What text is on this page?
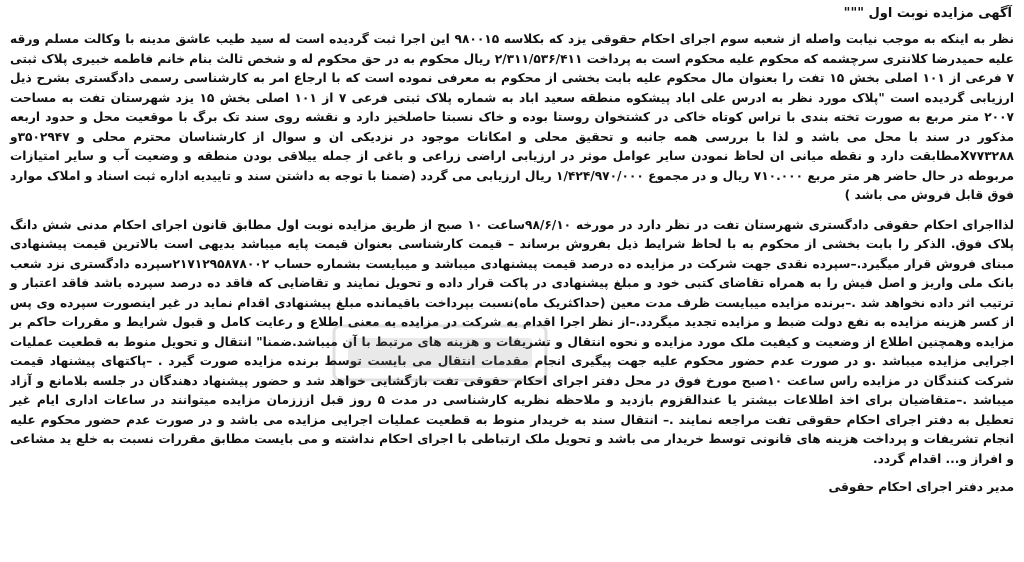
آگهی مزایده نوبت اول """

نظر به اینکه به موجب نیابت واصله از شعبه سوم اجرای احکام حقوقی یزد که بکلاسه ۹۸۰۰۱۵ این اجرا ثبت گردیده است له سید طیب عاشق مدینه با وکالت مسلم ورقه علیه حمیدرضا کلانتری سرچشمه که محکوم علیه محکوم است به پرداخت ۲/۳۱۱/۵۳۶/۴۱۱ ریال محکوم به در حق محکوم له و شخص ثالث بنام خانم فاطمه خبیری پلاک ثبتی ۷ فرعی از ۱۰۱ اصلی بخش ۱۵ تفت را بعنوان مال محکوم علیه بابت بخشی از محکوم به معرفی نموده است که با ارجاع امر به کارشناسی رسمی دادگستری بشرح ذیل ارزیابی گردیده است "پلاک مورد نظر به ادرس علی اباد پیشکوه منطقه سعید اباد به شماره پلاک ثبتی فرعی ۷ از ۱۰۱ اصلی بخش ۱۵ یزد شهرستان تفت به مساحت ۲۰۰۷ متر مربع به صورت تخته بندی با تراس کوتاه خاکی در کشتخوان روستا بوده و خاک نسبتا حاصلخیز دارد و نقشه روی سند تک برگ با موقعیت محل و حدود اربعه مذکور در سند با محل می باشد و لذا با بررسی همه جانبه و تحقیق محلی و امکانات موجود در نزدیکی ان و سوال از کارشناسان محترم محلی و ۳۵۰۲۹۴۷و X۷۷۳۲۸۸مطابقت دارد و نقطه میانی ان لحاظ نمودن سایر عوامل موثر در ارزیابی اراضی زراعی و باغی از جمله ییلاقی بودن منطقه و وضعیت آب و سایر امتیازات مربوطه در حال حاضر هر متر مربع ۷۱۰.۰۰۰ ریال و در مجموع ۱/۴۲۴/۹۷۰/۰۰۰ ریال ارزیابی می گردد (ضمنا با توجه به داشتن سند و تاییدیه اداره ثبت اسناد و املاک موارد فوق قابل فروش می باشد )

لذااجرای احکام حقوقی دادگستری شهرستان تفت در نظر دارد در مورخه ۹۸/۶/۱۰ساعت ۱۰ صبح از طریق مزایده نوبت اول مطابق قانون اجرای احکام مدنی شش دانگ پلاک فوق. الذکر را بابت بخشی از محکوم به با لحاظ شرایط ذیل بفروش برساند – قیمت کارشناسی بعنوان قیمت پایه میباشد بدیهی است بالاترین قیمت پیشنهادی مبنای فروش قرار میگیرد.–سپرده نقدی جهت شرکت در مزایده ده درصد قیمت پیشنهادی میباشد و میبایست بشماره حساب ۲۱۷۱۲۹۵۸۷۸۰۰۲سپرده دادگستری نزد شعب بانک ملی واریز و اصل فیش را به همراه تقاضای کتبی خود و مبلغ پیشنهادی در پاکت قرار داده و تحویل نمایند و تقاضایی که فاقد ده درصد سپرده باشد فاقد اعتبار و ترتیب اثر داده نخواهد شد .–برنده مزایده میبایست ظرف مدت معین (حداکثریک ماه)نسبت بپرداخت باقیمانده مبلغ پیشنهادی اقدام نماید در غیر اینصورت سپرده وی پس از کسر هزینه مزایده به نفع دولت ضبط و مزایده تجدید میگردد.–از نظر اجرا اقدام به شرکت در مزایده به معنی اطلاع و رعایت کامل و قبول شرایط و مقررات حاکم بر مزایده وهمچنین اطلاع از وضعیت و کیفیت ملک مورد مزایده و نحوه انتقال و تشریفات و هزینه های مرتبط با آن میباشد.ضمنا" انتقال و تحویل منوط به قطعیت عملیات اجرایی مزایده میباشد .و در صورت عدم حضور محکوم علیه جهت پیگیری انجام مقدمات انتقال می بایست توسط برنده مزایده صورت گیرد . –پاکتهای پیشنهاد قیمت شرکت کنندگان در مزایده راس ساعت ۱۰صبح مورخ فوق در محل دفتر اجرای احکام حقوقی تفت بازگشایی خواهد شد و حضور پیشنهاد دهندگان در جلسه بلامانع و آزاد میباشد .–متقاضیان برای اخذ اطلاعات بیشتر یا عندالقزوم بازدید و ملاحظه نظریه کارشناسی در مدت ۵ روز قبل ازززمان مزایده میتوانند در ساعات اداری ایام غیر تعطیل به دفتر اجرای احکام حقوقی تفت مراجعه نمایند .– انتقال سند به خریدار منوط به قطعیت عملیات اجرایی مزایده می باشد و در صورت عدم حضور محکوم علیه انجام تشریفات و پرداخت هزینه های قانونی توسط خریدار می باشد و تحویل ملک ارتباطی با اجرای احکام نداشته و می بایست مطابق مقررات نسبت به خلع ید مشاعی و افراز و... اقدام گردد.

مدیر دفتر اجرای احکام حقوقی
